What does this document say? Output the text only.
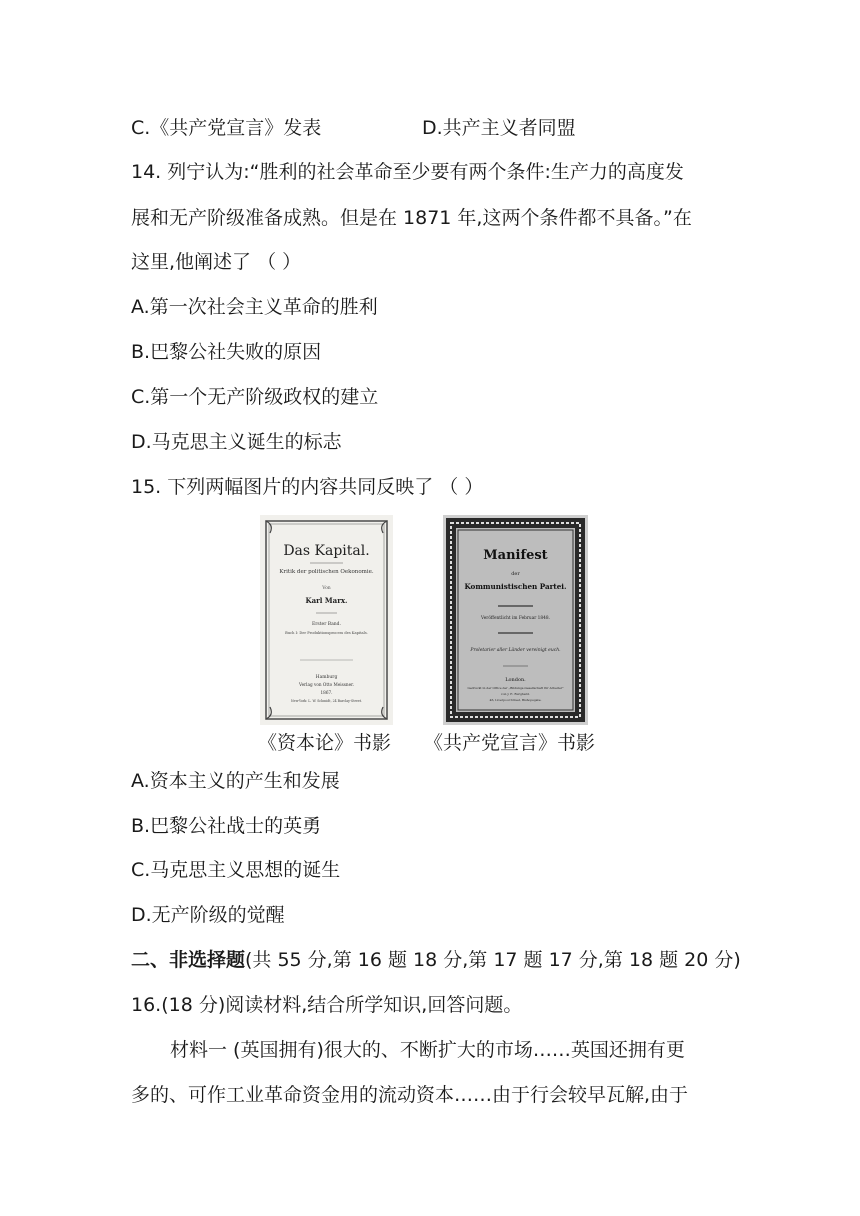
C.《共产党宣言》发表	D.共产主义者同盟
14. 列宁认为:“胜利的社会革命至少要有两个条件:生产力的高度发
展和无产阶级准备成熟。但是在 1871 年,这两个条件都不具备。”在
这里,他阐述了 （ ）
A.第一次社会主义革命的胜利
B.巴黎公社失败的原因
C.第一个无产阶级政权的建立
D.马克思主义诞生的标志
15. 下列两幅图片的内容共同反映了 （ ）
Das Kapital.
Kritik der politischen Oekonomie.
Von
Karl Marx.
Erster Band.
Buch I: Der Produktionsprocess des Kapitals.
Hamburg
Verlag von Otto Meissner.
1867.
New-York: L. W. Schmidt, 24 Barclay-Street.
Manifest
der
Kommunistischen Partei.
Veröffentlicht im Februar 1848.
Proletarier aller Länder vereinigt euch.
London.
Gedruckt in der Office der „Bildungs-Gesellschaft für Arbeiter"
von J. E. Burghard.
46, Liverpool Street, Bishopsgate.
《资本论》书影 《共产党宣言》书影
A.资本主义的产生和发展
B.巴黎公社战士的英勇
C.马克思主义思想的诞生
D.无产阶级的觉醒
二、非选择题(共 55 分,第 16 题 18 分,第 17 题 17 分,第 18 题 20 分)
16.(18 分)阅读材料,结合所学知识,回答问题。
材料一 (英国拥有)很大的、不断扩大的市场……英国还拥有更
多的、可作工业革命资金用的流动资本……由于行会较早瓦解,由于
